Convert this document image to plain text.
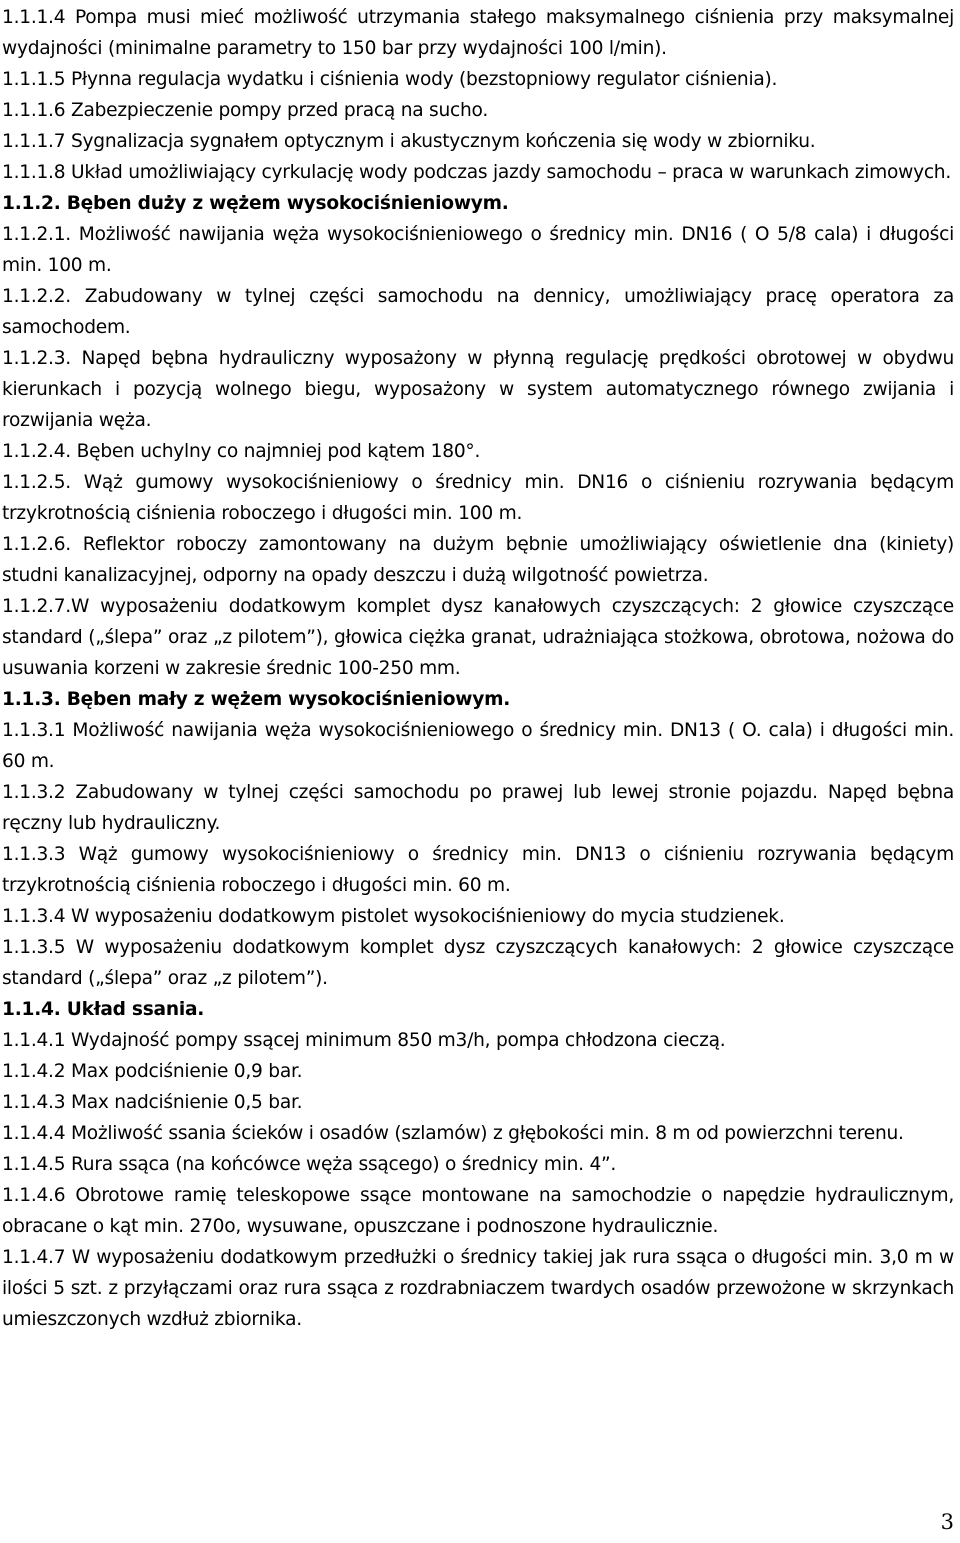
1.1.1.4 Pompa musi mieć możliwość utrzymania stałego maksymalnego ciśnienia przy maksymalnej wydajności (minimalne parametry to 150 bar przy wydajności 100 l/min).

1.1.1.5 Płynna regulacja wydatku i ciśnienia wody (bezstopniowy regulator ciśnienia).

1.1.1.6 Zabezpieczenie pompy przed pracą na sucho.

1.1.1.7 Sygnalizacja sygnałem optycznym i akustycznym kończenia się wody w zbiorniku.

1.1.1.8 Układ umożliwiający cyrkulację wody podczas jazdy samochodu – praca w warunkach zimowych.

1.1.2. Bęben duży z wężem wysokociśnieniowym.

1.1.2.1. Możliwość nawijania węża wysokociśnieniowego o średnicy min. DN16 ( O 5/8 cala) i długości min. 100 m.

1.1.2.2. Zabudowany w tylnej części samochodu na dennicy, umożliwiający pracę operatora za samochodem.

1.1.2.3. Napęd bębna hydrauliczny wyposażony w płynną regulację prędkości obrotowej w obydwu kierunkach i pozycją wolnego biegu, wyposażony w system automatycznego równego zwijania i rozwijania węża.

1.1.2.4. Bęben uchylny co najmniej pod kątem 180°.

1.1.2.5. Wąż gumowy wysokociśnieniowy o średnicy min. DN16 o ciśnieniu rozrywania będącym trzykrotnością ciśnienia roboczego i długości min. 100 m.

1.1.2.6. Reflektor roboczy zamontowany na dużym bębnie umożliwiający oświetlenie dna (kiniety) studni kanalizacyjnej, odporny na opady deszczu i dużą wilgotność powietrza.

1.1.2.7.W wyposażeniu dodatkowym komplet dysz kanałowych czyszczących: 2 głowice czyszczące standard („ślepa” oraz „z pilotem”), głowica ciężka granat, udrażniająca stożkowa, obrotowa, nożowa do usuwania korzeni w zakresie średnic 100-250 mm.

1.1.3. Bęben mały z wężem wysokociśnieniowym.

1.1.3.1 Możliwość nawijania węża wysokociśnieniowego o średnicy min. DN13 ( O. cala) i długości min. 60 m.

1.1.3.2 Zabudowany w tylnej części samochodu po prawej lub lewej stronie pojazdu. Napęd bębna ręczny lub hydrauliczny.

1.1.3.3 Wąż gumowy wysokociśnieniowy o średnicy min. DN13 o ciśnieniu rozrywania będącym trzykrotnością ciśnienia roboczego i długości min. 60 m.

1.1.3.4 W wyposażeniu dodatkowym pistolet wysokociśnieniowy do mycia studzienek.

1.1.3.5 W wyposażeniu dodatkowym komplet dysz czyszczących kanałowych: 2 głowice czyszczące standard („ślepa” oraz „z pilotem”).

1.1.4. Układ ssania.

1.1.4.1 Wydajność pompy ssącej minimum 850 m3/h, pompa chłodzona cieczą.

1.1.4.2 Max podciśnienie 0,9 bar.

1.1.4.3 Max nadciśnienie 0,5 bar.

1.1.4.4 Możliwość ssania ścieków i osadów (szlamów) z głębokości min. 8 m od powierzchni terenu.

1.1.4.5 Rura ssąca (na końcówce węża ssącego) o średnicy min. 4”.

1.1.4.6 Obrotowe ramię teleskopowe ssące montowane na samochodzie o napędzie hydraulicznym, obracane o kąt min. 270o, wysuwane, opuszczane i podnoszone hydraulicznie.

1.1.4.7 W wyposażeniu dodatkowym przedłużki o średnicy takiej jak rura ssąca o długości min. 3,0 m w ilości 5 szt. z przyłączami oraz rura ssąca z rozdrabniaczem twardych osadów przewożone w skrzynkach umieszczonych wzdłuż zbiornika.

3
